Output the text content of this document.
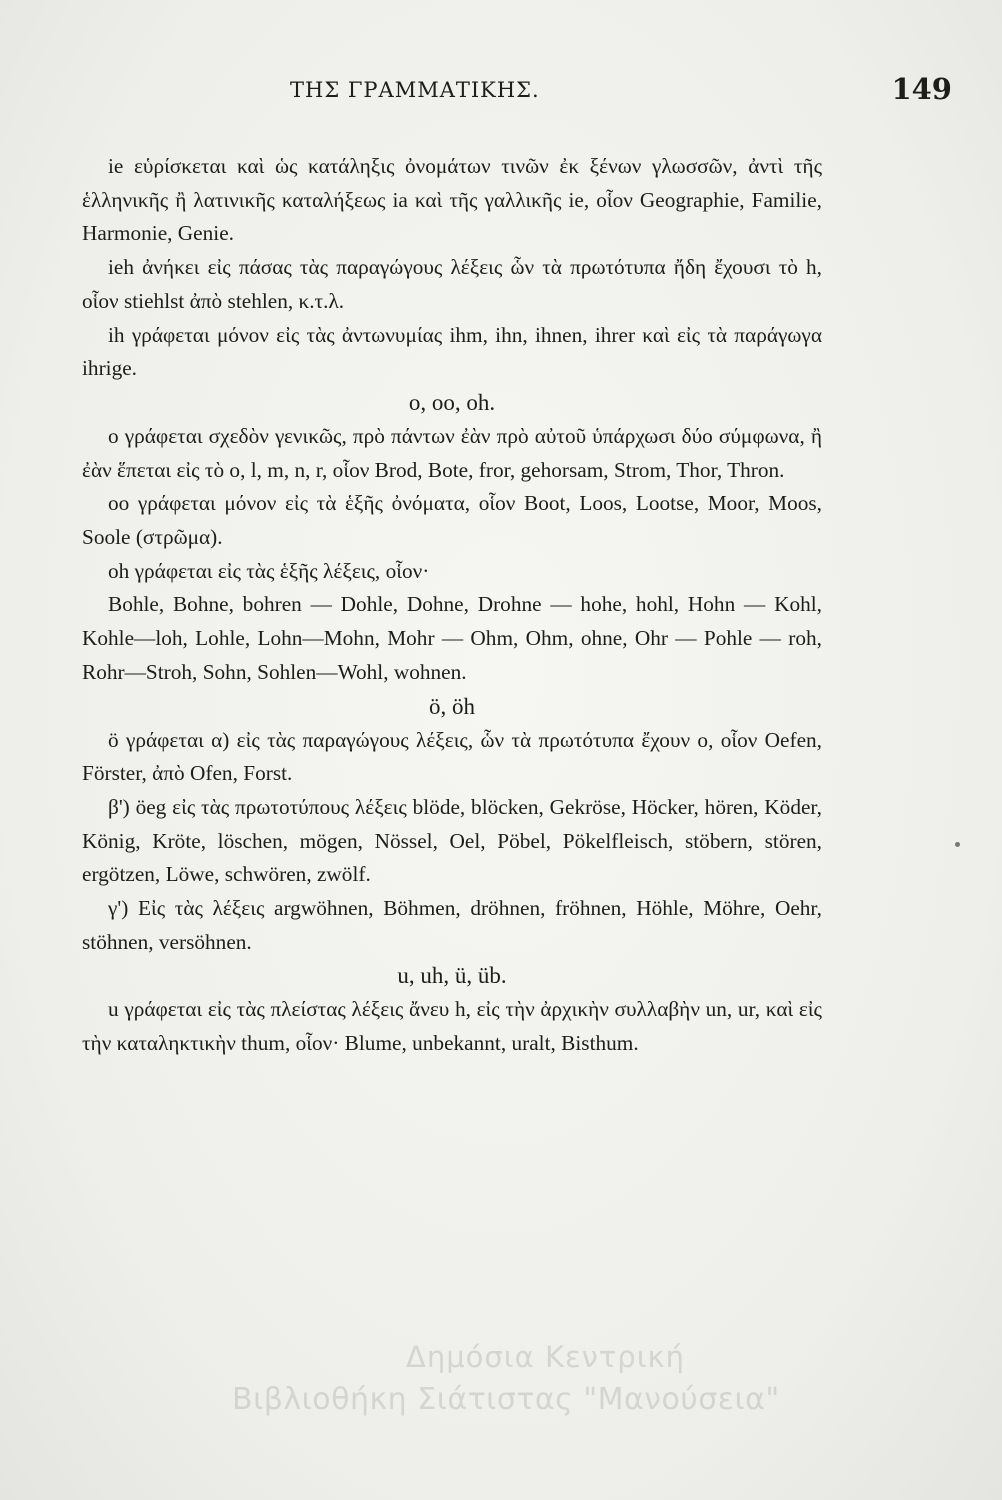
ΤΗΣ ΓΡΑΜΜΑΤΙΚΗΣ.	149

ie εὑρίσκεται καὶ ὡς κατάληξις ὀνομάτων τινῶν ἐκ ξένων γλωσσῶν, ἀντὶ τῆς ἑλληνικῆς ἢ λατινικῆς καταλήξεως ia καὶ τῆς γαλλικῆς ie, οἷον Geographie, Familie, Harmonie, Genie.

ieh ἀνήκει εἰς πάσας τὰς παραγώγους λέξεις ὧν τὰ πρωτότυπα ἤδη ἔχουσι τὸ h, οἷον stiehlst ἀπὸ stehlen, κ.τ.λ.

ih γράφεται μόνον εἰς τὰς ἀντωνυμίας ihm, ihn, ihnen, ihrer καὶ εἰς τὰ παράγωγα ihrige.

o, oo, oh.

o γράφεται σχεδὸν γενικῶς, πρὸ πάντων ἐὰν πρὸ αὐτοῦ ὑπάρχωσι δύο σύμφωνα, ἢ ἐὰν ἕπεται εἰς τὸ o, l, m, n, r, οἷον Brod, Bote, fror, gehorsam, Strom, Thor, Thron.

oo γράφεται μόνον εἰς τὰ ἑξῆς ὀνόματα, οἷον Boot, Loos, Lootse, Moor, Moos, Soole (στρῶμα).

oh γράφεται εἰς τὰς ἑξῆς λέξεις, οἷον·

Bohle, Bohne, bohren — Dohle, Dohne, Drohne — hohe, hohl, Hohn — Kohl, Kohle—loh, Lohle, Lohn—Mohn, Mohr — Ohm, Ohm, ohne, Ohr — Pohle — roh, Rohr—Stroh, Sohn, Sohlen—Wohl, wohnen.

ö, öh

ö γράφεται α) εἰς τὰς παραγώγους λέξεις, ὧν τὰ πρωτότυπα ἔχουν o, οἷον Oefen, Förster, ἀπὸ Ofen, Forst.

β') öeg εἰς τὰς πρωτοτύπους λέξεις blöde, blöcken, Gekröse, Höcker, hören, Köder, König, Kröte, löschen, mögen, Nössel, Oel, Pöbel, Pökelfleisch, stöbern, stören, ergötzen, Löwe, schwören, zwölf.

γ') Εἰς τὰς λέξεις argwöhnen, Böhmen, dröhnen, fröhnen, Höhle, Möhre, Oehr, stöhnen, versöhnen.

u, uh, ü, üb.

u γράφεται εἰς τὰς πλείστας λέξεις ἄνευ h, εἰς τὴν ἀρχικὴν συλλαβὴν un, ur, καὶ εἰς τὴν καταληκτικὴν thum, οἷον· Blume, unbekannt, uralt, Bisthum.

Δημόσια Κεντρική
Βιβλιοθήκη Σιάτιστας "Μανούσεια"
